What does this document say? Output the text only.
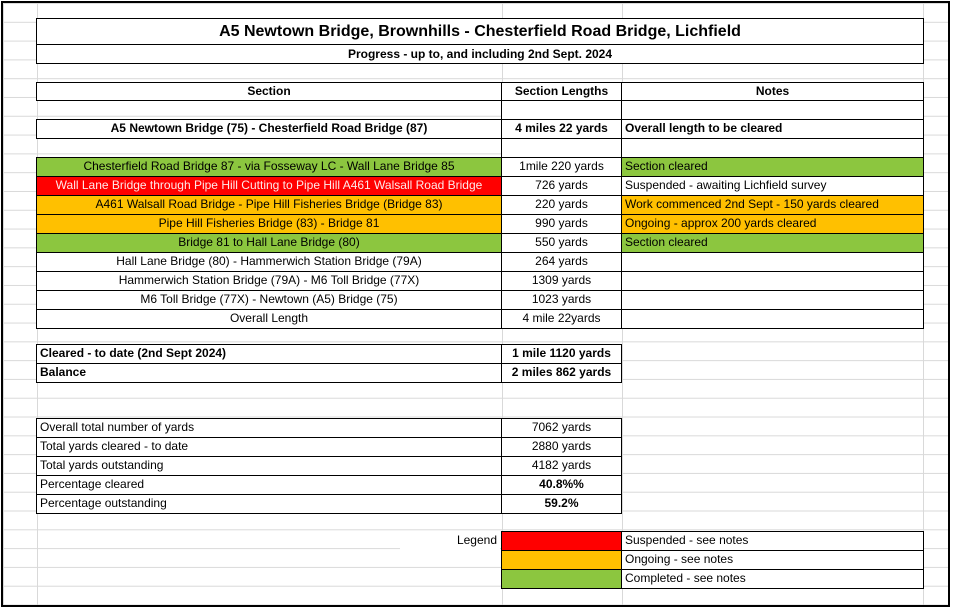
A5 Newtown Bridge, Brownhills - Chesterfield Road Bridge, Lichfield
Progress - up to, and including 2nd Sept. 2024
Section	Section Lengths	Notes
A5 Newtown Bridge (75) - Chesterfield Road Bridge (87)	4 miles 22 yards	Overall length to be cleared
Chesterfield Road Bridge 87 - via Fosseway LC - Wall Lane Bridge 85	1mile 220 yards	Section cleared
Wall Lane Bridge through Pipe Hill Cutting to Pipe Hill A461 Walsall Road Bridge	726 yards	Suspended - awaiting Lichfield survey
A461 Walsall Road Bridge - Pipe Hill Fisheries Bridge (Bridge 83)	220 yards	Work commenced 2nd Sept - 150 yards cleared
Pipe Hill Fisheries Bridge (83) - Bridge 81	990 yards	Ongoing - approx 200 yards cleared
Bridge 81 to Hall Lane Bridge (80)	550 yards	Section cleared
Hall Lane Bridge (80) - Hammerwich Station Bridge (79A)	264 yards
Hammerwich Station Bridge (79A) - M6 Toll Bridge (77X)	1309 yards
M6 Toll Bridge (77X) - Newtown (A5) Bridge (75)	1023 yards
Overall Length	4 mile 22yards
Cleared - to date (2nd Sept 2024)	1 mile 1120 yards
Balance	2 miles 862 yards
Overall total number of yards	7062 yards
Total yards cleared - to date	2880 yards
Total yards outstanding	4182 yards
Percentage cleared	40.8%%
Percentage outstanding	59.2%
Legend	Suspended - see notes
Ongoing - see notes
Completed - see notes
